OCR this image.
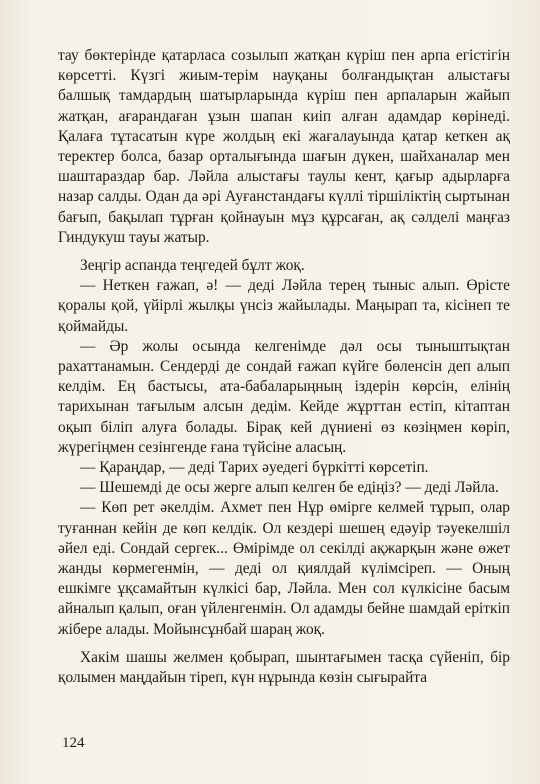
тау бөктерінде қатарласа созылып жатқан күріш пен арпа егістігін көрсетті. Күзгі жиым-терім науқаны болғандықтан алыстағы балшық тамдардың шатырларында күріш пен арпаларын жайып жатқан, ағарандаған ұзын шапан киіп алған адамдар көрінеді. Қалаға тұтасатын күре жолдың екі жағалауында қатар кеткен ақ теректер болса, базар орталығында шағын дүкен, шайханалар мен шаштараздар бар. Ләйла алыстағы таулы кент, қағыр адырларға назар салды. Одан да әрі Ауғанстандағы күллі тіршіліктің сыртынан бағып, бақылап тұрған қойнауын мұз құрсаған, ақ сәлделі маңғаз Гиндукуш тауы жатыр.

Зеңгір аспанда теңгедей бұлт жоқ.

— Неткен ғажап, ә! — деді Ләйла терең тыныс алып. Өрісте қоралы қой, үйірлі жылқы үнсіз жайылады. Маңырап та, кісінеп те қоймайды.

— Әр жолы осында келгенімде дәл осы тыныштықтан рахаттанамын. Сендерді де сондай ғажап күйге бөленсін деп алып келдім. Ең бастысы, ата-бабаларыңның іздерін көрсін, елінің тарихынан тағылым алсын дедім. Кейде жұрттан естіп, кітаптан оқып біліп алуға болады. Бірақ кей дүниені өз көзіңмен көріп, жүрегіңмен сезінгенде ғана түйсіне аласың.

— Қараңдар, — деді Тарих әуедегі бүркітті көрсетіп.

— Шешемді де осы жерге алып келген бе едіңіз? — деді Ләйла.

— Көп рет әкелдім. Ахмет пен Нұр өмірге келмей тұрып, олар туғаннан кейін де көп келдік. Ол кездері шешең едәуір тәуекелшіл әйел еді. Сондай сергек... Өмірімде ол секілді ақжарқын және өжет жанды көрмегенмін, — деді ол қиялдай күлімсіреп. — Оның ешкімге ұқсамайтын күлкісі бар, Ләйла. Мен сол күлкісіне басым айналып қалып, оған үйленгенмін. Ол адамды бейне шамдай еріткіп жібере алады. Мойынсұнбай шараң жоқ.

Хакім шашы желмен қобырап, шынтағымен тасқа сүйеніп, бір қолымен маңдайын тіреп, күн нұрында көзін сығырайта

124
